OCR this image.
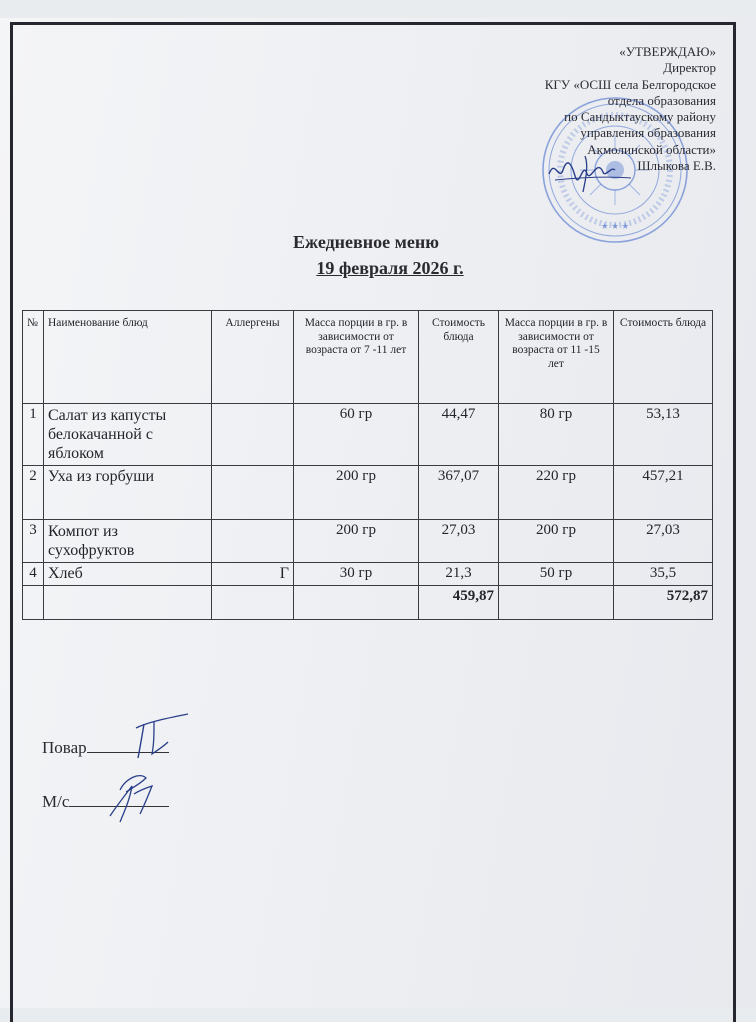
★ ★ ★
«УТВЕРЖДАЮ»
Директор
КГУ «ОСШ села Белгородское
отдела образования
по Сандыктаускому району
управления образования
Акмолинской области»
Шлыкова Е.В.
Ежедневное меню
19 февраля 2026 г.
№	Наименование блюд	Аллергены	Масса порции в гр. в зависимости от возраста от 7 -11 лет	Стоимость блюда	Масса порции в гр. в зависимости от возраста от 11 -15 лет	Стоимость блюда
1	Салат из капусты белокачанной с яблоком		60 гр	44,47	80 гр	53,13
2	Уха из горбуши		200 гр	367,07	220 гр	457,21
3	Компот из сухофруктов		200 гр	27,03	200 гр	27,03
4	Хлеб	Г	30 гр	21,3	50 гр	35,5
				459,87		572,87
Повар
М/с
